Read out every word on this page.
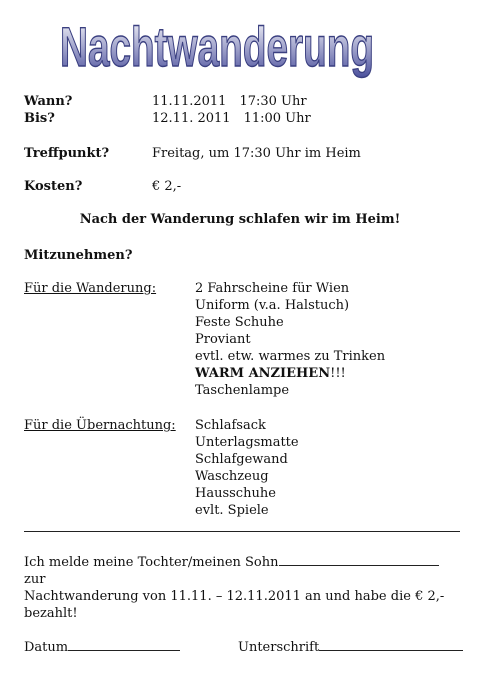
Nachtwanderung
Wann?	11.11.2011 17:30 Uhr
Bis?	12.11. 2011 11:00 Uhr
Treffpunkt?	Freitag, um 17:30 Uhr im Heim
Kosten?	€ 2,-
Nach der Wanderung schlafen wir im Heim!
Mitzunehmen?
Für die Wanderung:	2 Fahrscheine für Wien
Uniform (v.a. Halstuch)
Feste Schuhe
Proviant
evtl. etw. warmes zu Trinken
WARM ANZIEHEN!!!
Taschenlampe
Für die Übernachtung: Schlafsack
Unterlagsmatte
Schlafgewand
Waschzeug
Hausschuhe
evlt. Spiele
Ich melde meine Tochter/meinen Sohn zur
Nachtwanderung von 11.11. – 12.11.2011 an und habe die € 2,-
bezahlt!
Datum	Unterschrift
